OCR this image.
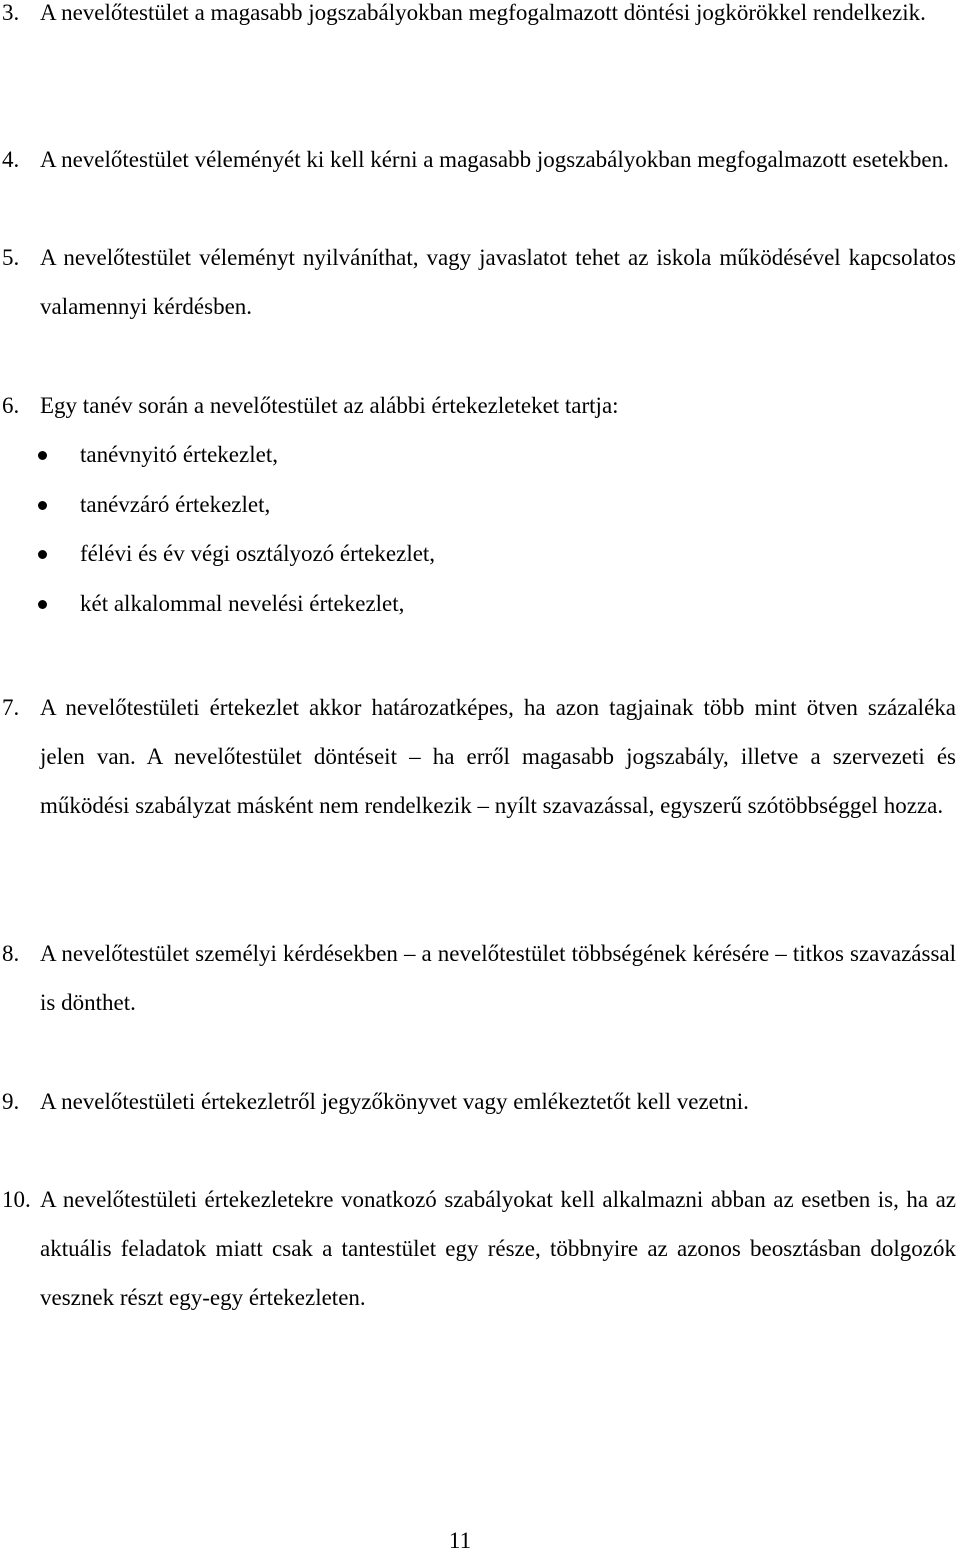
3. A nevelőtestület a magasabb jogszabályokban megfogalmazott döntési jogkörökkel rendelkezik.
4. A nevelőtestület véleményét ki kell kérni a magasabb jogszabályokban megfogalmazott esetekben.
5. A nevelőtestület véleményt nyilváníthat, vagy javaslatot tehet az iskola működésével kapcsolatos valamennyi kérdésben.
6. Egy tanév során a nevelőtestület az alábbi értekezleteket tartja:
tanévnyitó értekezlet,
tanévzáró értekezlet,
félévi és év végi osztályozó értekezlet,
két alkalommal nevelési értekezlet,
7. A nevelőtestületi értekezlet akkor határozatképes, ha azon tagjainak több mint ötven százaléka jelen van. A nevelőtestület döntéseit – ha erről magasabb jogszabály, illetve a szervezeti és működési szabályzat másként nem rendelkezik – nyílt szavazással, egyszerű szótöbbséggel hozza.
8. A nevelőtestület személyi kérdésekben – a nevelőtestület többségének kérésére – titkos szavazással is dönthet.
9. A nevelőtestületi értekezletről jegyzőkönyvet vagy emlékeztetőt kell vezetni.
10. A nevelőtestületi értekezletekre vonatkozó szabályokat kell alkalmazni abban az esetben is, ha az aktuális feladatok miatt csak a tantestület egy része, többnyire az azonos beosztásban dolgozók vesznek részt egy-egy értekezleten.
11
